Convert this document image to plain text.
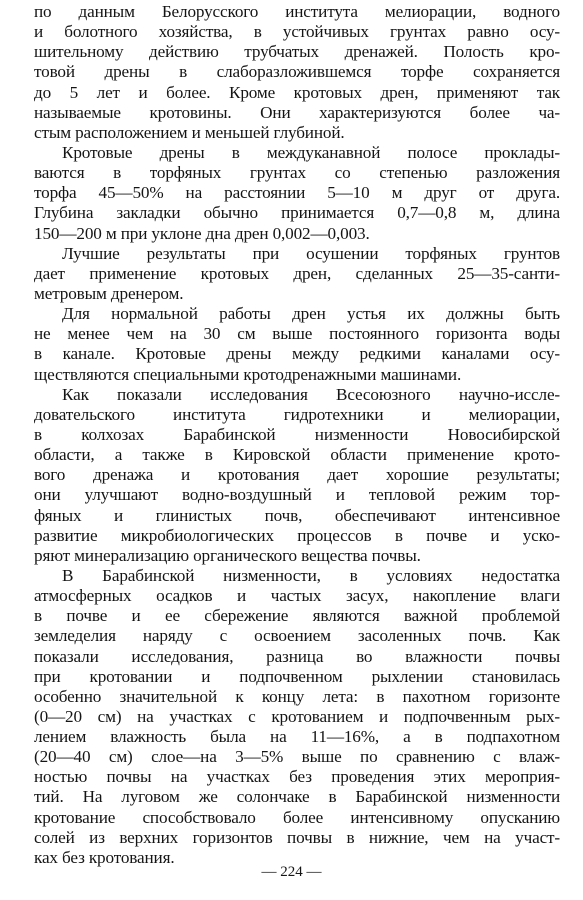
по данным Белорусского института мелиорации, водного
и болотного хозяйства, в устойчивых грунтах равно осу-
шительному действию трубчатых дренажей. Полость кро-
товой дрены в слаборазложившемся торфе сохраняется
до 5 лет и более. Кроме кротовых дрен, применяют так
называемые кротовины. Они характеризуются более ча-
стым расположением и меньшей глубиной.
Кротовые дрены в междуканавной полосе проклады-
ваются в торфяных грунтах со степенью разложения
торфа 45—50% на расстоянии 5—10 м друг от друга.
Глубина закладки обычно принимается 0,7—0,8 м, длина
150—200 м при уклоне дна дрен 0,002—0,003.
Лучшие результаты при осушении торфяных грунтов
дает применение кротовых дрен, сделанных 25—35-санти-
метровым дренером.
Для нормальной работы дрен устья их должны быть
не менее чем на 30 см выше постоянного горизонта воды
в канале. Кротовые дрены между редкими каналами осу-
ществляются специальными кротодренажными машинами.
Как показали исследования Всесоюзного научно-иссле-
довательского института гидротехники и мелиорации,
в колхозах Барабинской низменности Новосибирской
области, а также в Кировской области применение крото-
вого дренажа и кротования дает хорошие результаты;
они улучшают водно-воздушный и тепловой режим тор-
фяных и глинистых почв, обеспечивают интенсивное
развитие микробиологических процессов в почве и уско-
ряют минерализацию органического вещества почвы.
В Барабинской низменности, в условиях недостатка
атмосферных осадков и частых засух, накопление влаги
в почве и ее сбережение являются важной проблемой
земледелия наряду с освоением засоленных почв. Как
показали исследования, разница во влажности почвы
при кротовании и подпочвенном рыхлении становилась
особенно значительной к концу лета: в пахотном горизонте
(0—20 см) на участках с кротованием и подпочвенным рых-
лением влажность была на 11—16%, а в подпахотном
(20—40 см) слое—на 3—5% выше по сравнению с влаж-
ностью почвы на участках без проведения этих мероприя-
тий. На луговом же солончаке в Барабинской низменности
кротование способствовало более интенсивному опусканию
солей из верхних горизонтов почвы в нижние, чем на участ-
ках без кротования.
— 224 —
